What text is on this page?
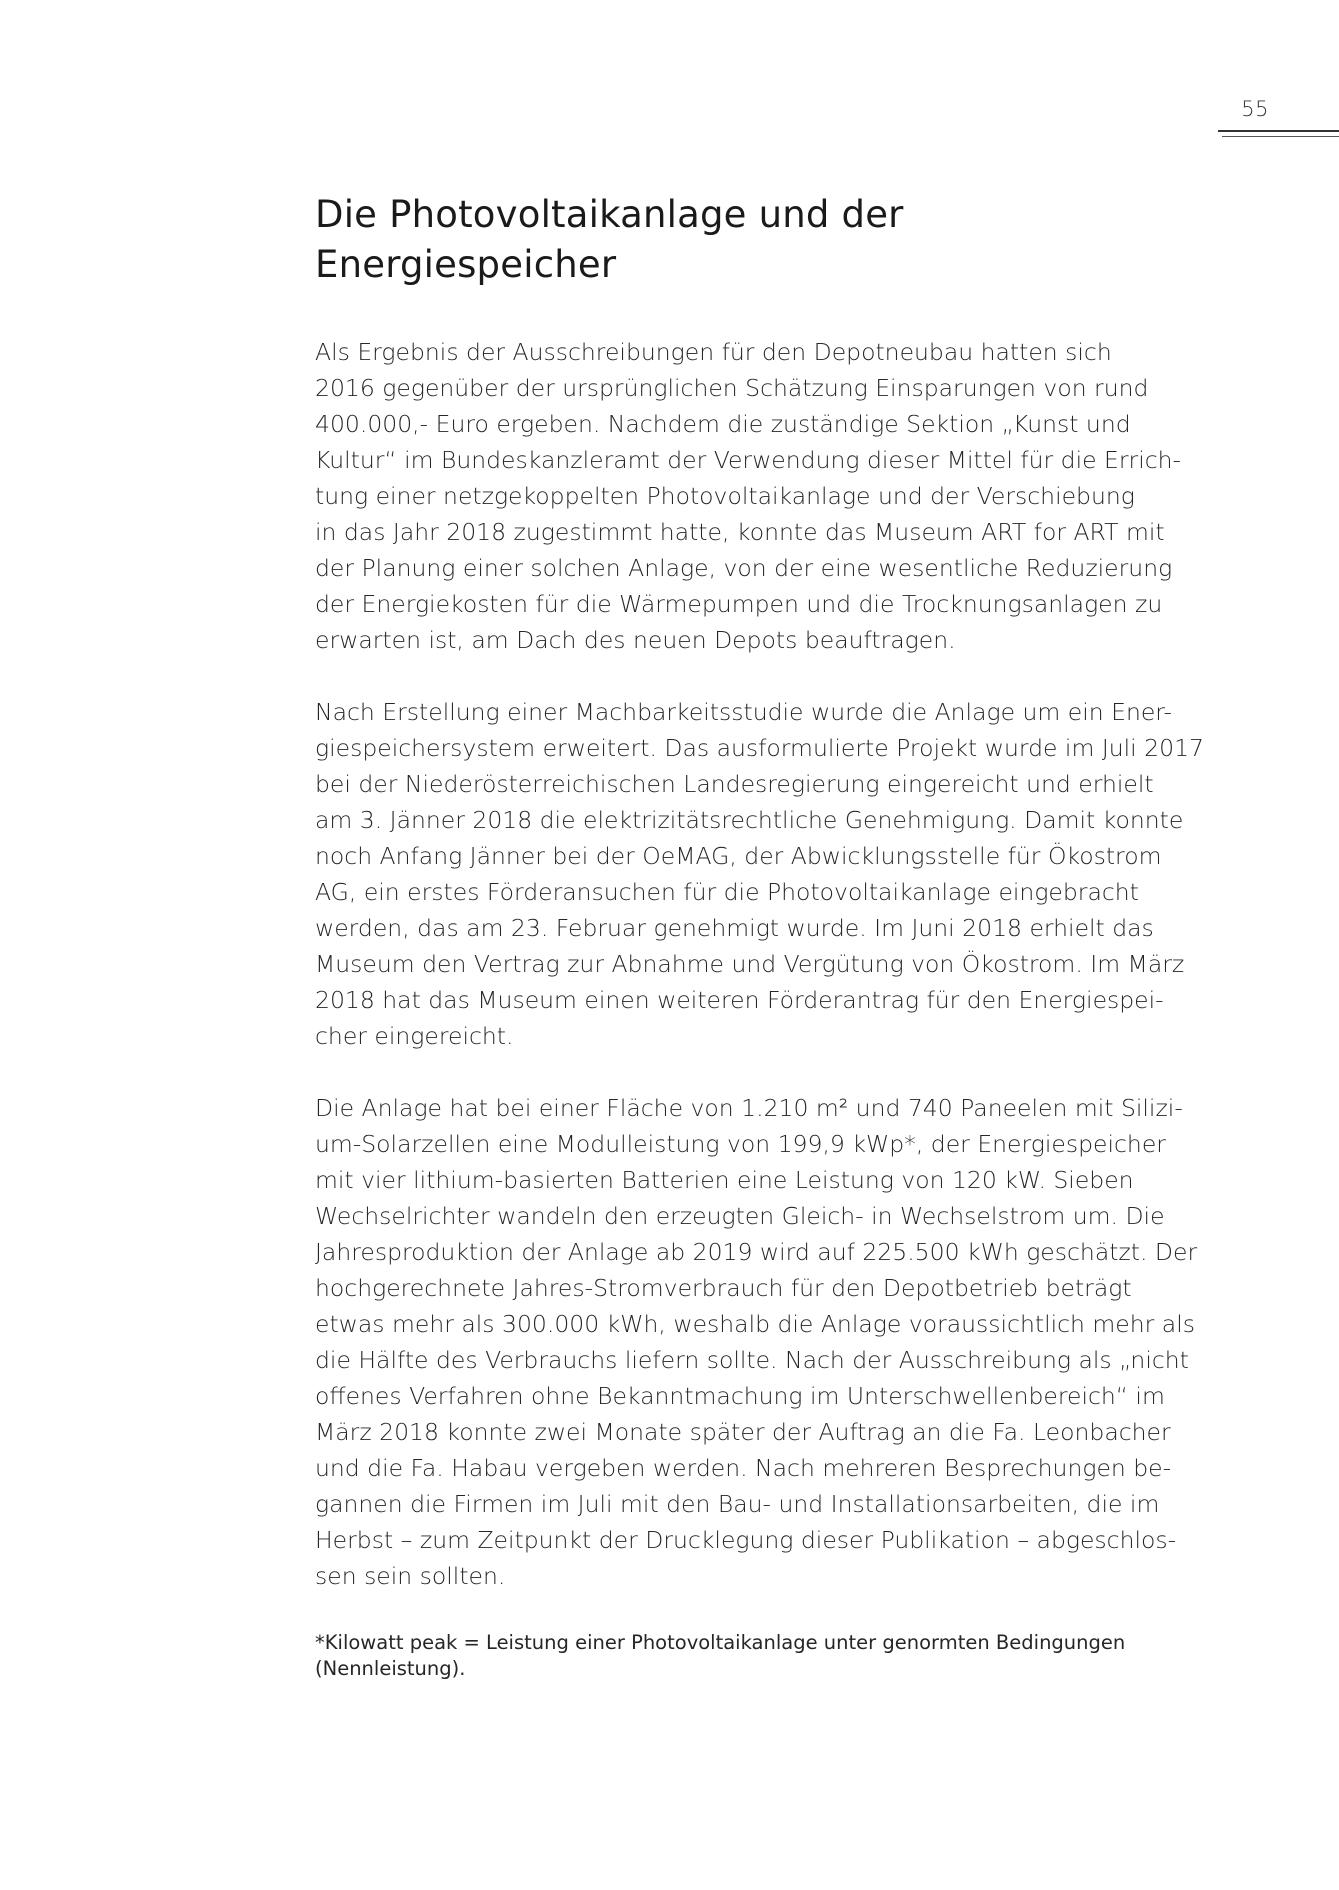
55
Die Photovoltaikanlage und der Energiespeicher
Als Ergebnis der Ausschreibungen für den Depotneubau hatten sich
2016 gegenüber der ursprünglichen Schätzung Einsparungen von rund
400.000,- Euro ergeben. Nachdem die zuständige Sektion „Kunst und
Kultur“ im Bundeskanzleramt der Verwendung dieser Mittel für die Errich-
tung einer netzgekoppelten Photovoltaikanlage und der Verschiebung
in das Jahr 2018 zugestimmt hatte, konnte das Museum ART for ART mit
der Planung einer solchen Anlage, von der eine wesentliche Reduzierung
der Energiekosten für die Wärmepumpen und die Trocknungsanlagen zu
erwarten ist, am Dach des neuen Depots beauftragen.
Nach Erstellung einer Machbarkeitsstudie wurde die Anlage um ein Ener-
giespeichersystem erweitert. Das ausformulierte Projekt wurde im Juli 2017
bei der Niederösterreichischen Landesregierung eingereicht und erhielt
am 3. Jänner 2018 die elektrizitätsrechtliche Genehmigung. Damit konnte
noch Anfang Jänner bei der OeMAG, der Abwicklungsstelle für Ökostrom
AG, ein erstes Förderansuchen für die Photovoltaikanlage eingebracht
werden, das am 23. Februar genehmigt wurde. Im Juni 2018 erhielt das
Museum den Vertrag zur Abnahme und Vergütung von Ökostrom. Im März
2018 hat das Museum einen weiteren Förderantrag für den Energiespei-
cher eingereicht.
Die Anlage hat bei einer Fläche von 1.210 m² und 740 Paneelen mit Silizi-
um-Solarzellen eine Modulleistung von 199,9 kWp*, der Energiespeicher
mit vier lithium-basierten Batterien eine Leistung von 120 kW. Sieben
Wechselrichter wandeln den erzeugten Gleich- in Wechselstrom um. Die
Jahresproduktion der Anlage ab 2019 wird auf 225.500 kWh geschätzt. Der
hochgerechnete Jahres-Stromverbrauch für den Depotbetrieb beträgt
etwas mehr als 300.000 kWh, weshalb die Anlage voraussichtlich mehr als
die Hälfte des Verbrauchs liefern sollte. Nach der Ausschreibung als „nicht
offenes Verfahren ohne Bekanntmachung im Unterschwellenbereich“ im
März 2018 konnte zwei Monate später der Auftrag an die Fa. Leonbacher
und die Fa. Habau vergeben werden. Nach mehreren Besprechungen be-
gannen die Firmen im Juli mit den Bau- und Installationsarbeiten, die im
Herbst – zum Zeitpunkt der Drucklegung dieser Publikation – abgeschlos-
sen sein sollten.
*Kilowatt peak = Leistung einer Photovoltaikanlage unter genormten Bedingungen
(Nennleistung).
